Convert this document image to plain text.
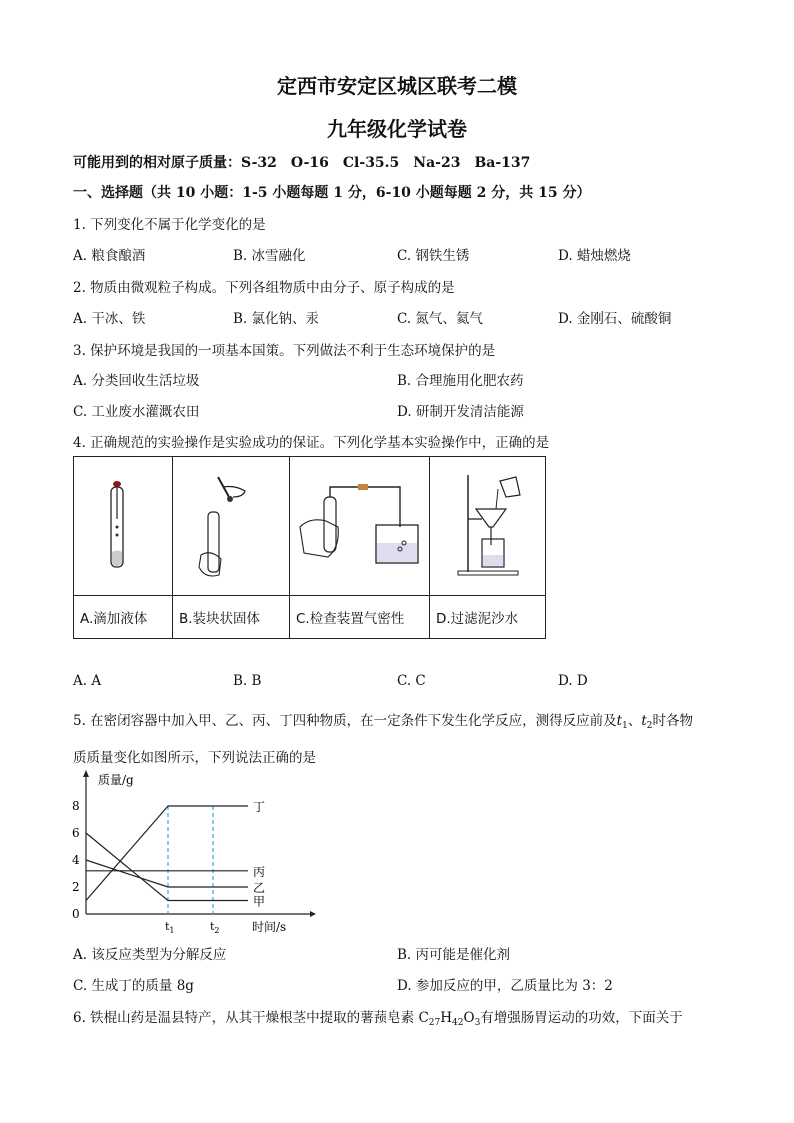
定西市安定区城区联考二模
九年级化学试卷
可能用到的相对原子质量：S-32　O-16　Cl-35.5　Na-23　Ba-137
一、选择题（共 10 小题：1-5 小题每题 1 分，6-10 小题每题 2 分，共 15 分）
1. 下列变化不属于化学变化的是
A. 粮食酿酒	B. 冰雪融化	C. 钢铁生锈	D. 蜡烛燃烧
2. 物质由微观粒子构成。下列各组物质中由分子、原子构成的是
A. 干冰、铁	B. 氯化钠、汞	C. 氮气、氦气	D. 金刚石、硫酸铜
3. 保护环境是我国的一项基本国策。下列做法不利于生态环境保护的是
A. 分类回收生活垃圾	B. 合理施用化肥农药
C. 工业废水灌溉农田	D. 研制开发清洁能源
4. 正确规范的实验操作是实验成功的保证。下列化学基本实验操作中，正确的是

A.滴加液体	B.装块状固体	C.检查装置气密性	D.过滤泥沙水
A. A	B. B	C. C	D. D
5. 在密闭容器中加入甲、乙、丙、丁四种物质，在一定条件下发生化学反应，测得反应前及$t_1$、$t_2$时各物
质质量变化如图所示，下列说法正确的是
0
2
4
6
8
质量/g
时间/s
$t_1$	$t_2$
丁
丙
乙
甲
A. 该反应类型为分解反应	B. 丙可能是催化剂
C. 生成丁的质量 8g	D. 参加反应的甲，乙质量比为 3：2
6. 铁棍山药是温县特产，从其干燥根茎中提取的薯蓣皂素 $C_{27}H_{42}O_3$有增强肠胃运动的功效，下面关于
